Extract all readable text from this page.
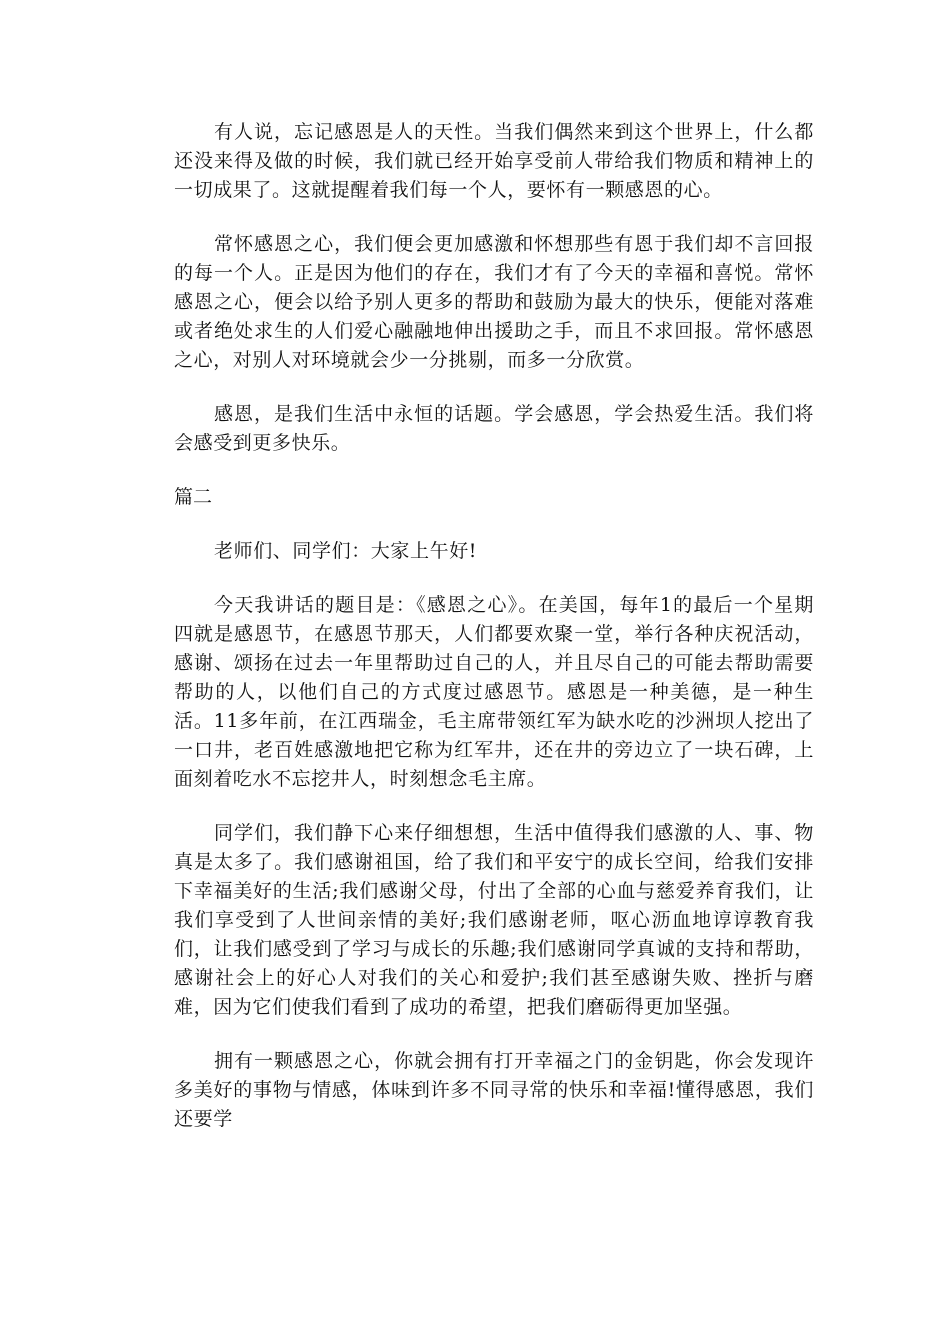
有人说，忘记感恩是人的天性。当我们偶然来到这个世界上，什么都还没来得及做的时候，我们就已经开始享受前人带给我们物质和精神上的一切成果了。这就提醒着我们每一个人，要怀有一颗感恩的心。

常怀感恩之心，我们便会更加感激和怀想那些有恩于我们却不言回报的每一个人。正是因为他们的存在，我们才有了今天的幸福和喜悦。常怀感恩之心，便会以给予别人更多的帮助和鼓励为最大的快乐，便能对落难或者绝处求生的人们爱心融融地伸出援助之手，而且不求回报。常怀感恩之心，对别人对环境就会少一分挑剔，而多一分欣赏。

感恩，是我们生活中永恒的话题。学会感恩，学会热爱生活。我们将会感受到更多快乐。

篇二

老师们、同学们：大家上午好!

今天我讲话的题目是：《感恩之心》。在美国，每年1的最后一个星期四就是感恩节，在感恩节那天，人们都要欢聚一堂，举行各种庆祝活动，感谢、颂扬在过去一年里帮助过自己的人，并且尽自己的可能去帮助需要帮助的人，以他们自己的方式度过感恩节。感恩是一种美德，是一种生活。11多年前，在江西瑞金，毛主席带领红军为缺水吃的沙洲坝人挖出了一口井，老百姓感激地把它称为红军井，还在井的旁边立了一块石碑，上面刻着吃水不忘挖井人，时刻想念毛主席。

同学们，我们静下心来仔细想想，生活中值得我们感激的人、事、物真是太多了。我们感谢祖国，给了我们和平安宁的成长空间，给我们安排下幸福美好的生活;我们感谢父母，付出了全部的心血与慈爱养育我们，让我们享受到了人世间亲情的美好;我们感谢老师，呕心沥血地谆谆教育我们，让我们感受到了学习与成长的乐趣;我们感谢同学真诚的支持和帮助，感谢社会上的好心人对我们的关心和爱护;我们甚至感谢失败、挫折与磨难，因为它们使我们看到了成功的希望，把我们磨砺得更加坚强。

拥有一颗感恩之心，你就会拥有打开幸福之门的金钥匙，你会发现许多美好的事物与情感，体味到许多不同寻常的快乐和幸福!懂得感恩，我们还要学
